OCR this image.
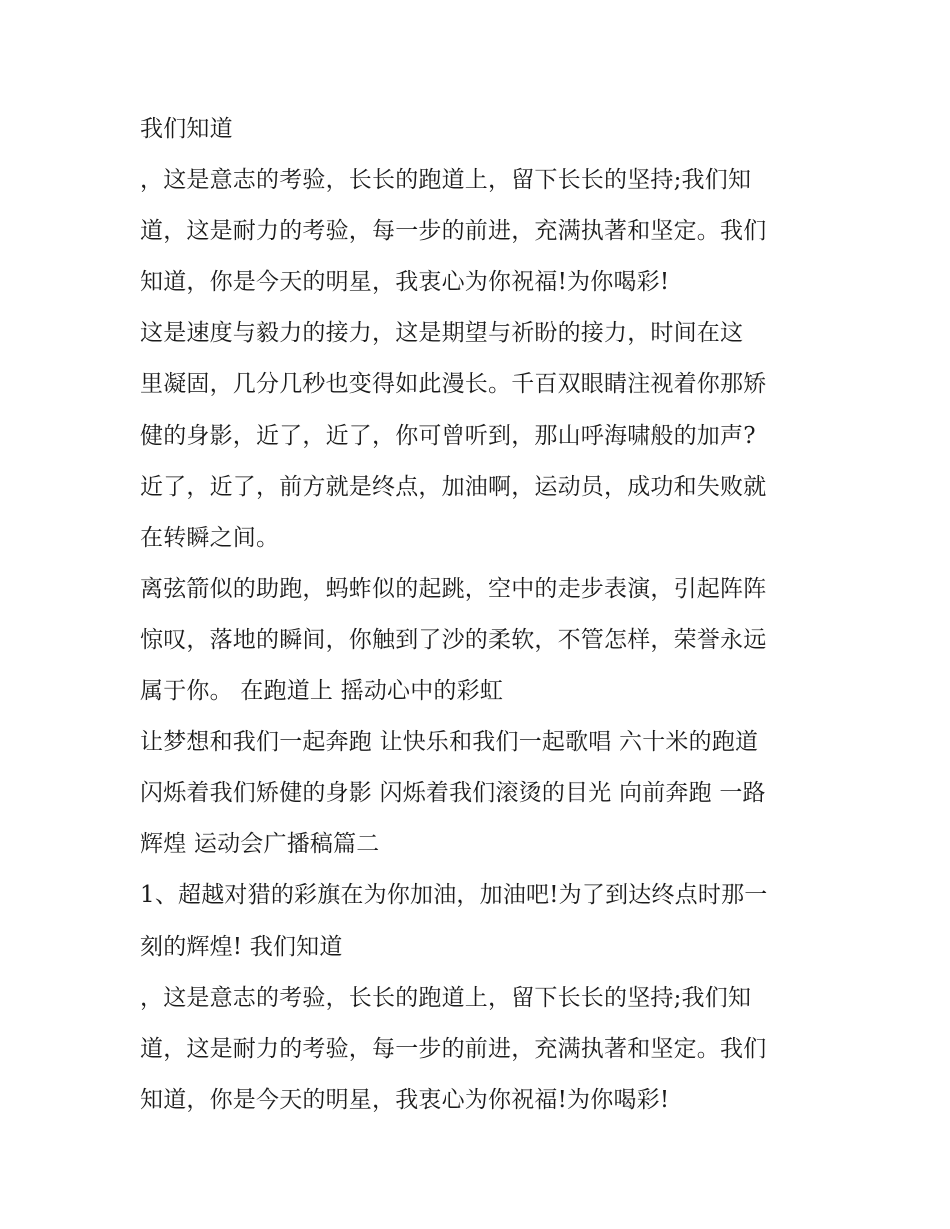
我们知道
，这是意志的考验，长长的跑道上，留下长长的坚持;我们知
道，这是耐力的考验，每一步的前进，充满执著和坚定。我们
知道，你是今天的明星，我衷心为你祝福!为你喝彩!
这是速度与毅力的接力，这是期望与祈盼的接力，时间在这
里凝固，几分几秒也变得如此漫长。千百双眼睛注视着你那矫
健的身影，近了，近了，你可曾听到，那山呼海啸般的加声?
近了，近了，前方就是终点，加油啊，运动员，成功和失败就
在转瞬之间。
离弦箭似的助跑，蚂蚱似的起跳，空中的走步表演，引起阵阵
惊叹，落地的瞬间，你触到了沙的柔软，不管怎样，荣誉永远
属于你。 在跑道上 摇动心中的彩虹
让梦想和我们一起奔跑 让快乐和我们一起歌唱 六十米的跑道
闪烁着我们矫健的身影 闪烁着我们滚烫的目光 向前奔跑 一路
辉煌 运动会广播稿篇二
1、超越对猎的彩旗在为你加油，加油吧!为了到达终点时那一
刻的辉煌! 我们知道
，这是意志的考验，长长的跑道上，留下长长的坚持;我们知
道，这是耐力的考验，每一步的前进，充满执著和坚定。我们
知道，你是今天的明星，我衷心为你祝福!为你喝彩!
